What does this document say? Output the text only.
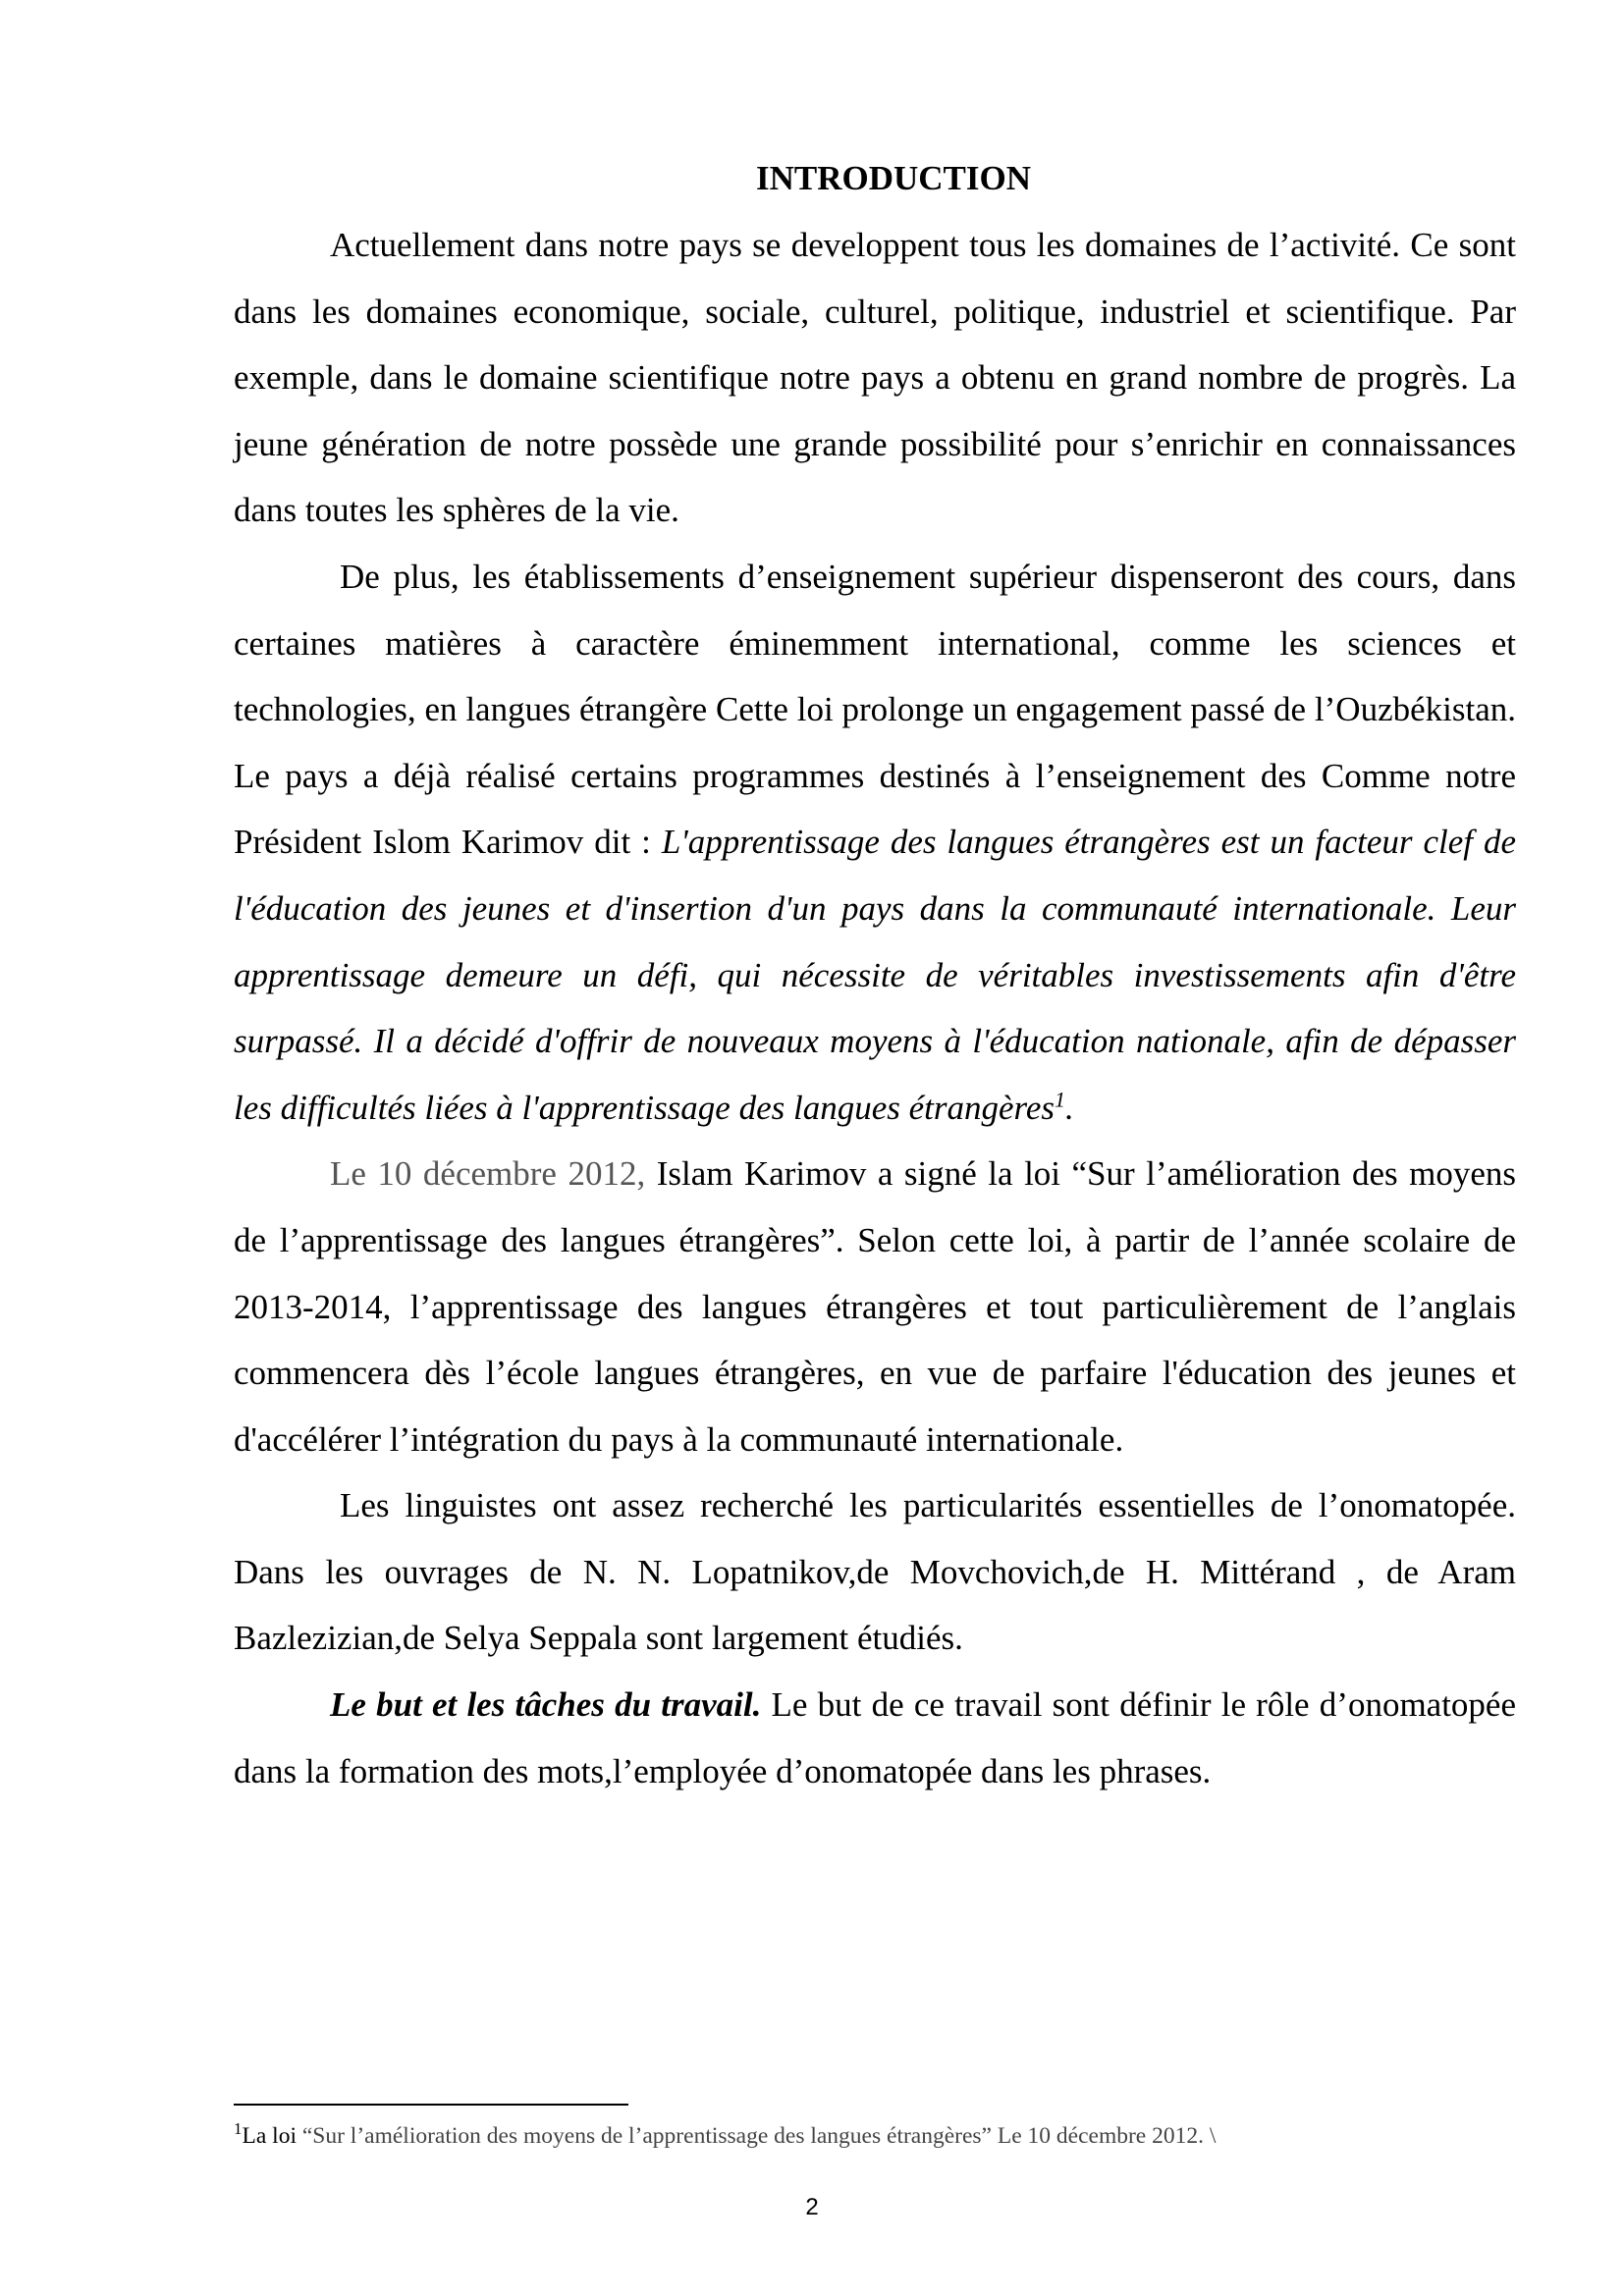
INTRODUCTION

Actuellement dans notre pays se developpent tous les domaines de l’activité. Ce sont dans les domaines economique, sociale, culturel, politique, industriel et scientifique. Par exemple, dans le domaine scientifique notre pays a obtenu en grand nombre de progrès. La jeune génération de notre possède une grande possibilité pour s’enrichir en connaissances dans toutes les sphères de la vie.

De plus, les établissements d’enseignement supérieur dispenseront des cours, dans certaines matières à caractère éminemment international, comme les sciences et technologies, en langues étrangère Cette loi prolonge un engagement passé de l’Ouzbékistan. Le pays a déjà réalisé certains programmes destinés à l’enseignement des Comme notre Président Islom Karimov dit : L'apprentissage des langues étrangères est un facteur clef de l'éducation des jeunes et d'insertion d'un pays dans la communauté internationale. Leur apprentissage demeure un défi, qui nécessite de véritables investissements afin d'être surpassé. Il a décidé d'offrir de nouveaux moyens à l'éducation nationale, afin de dépasser les difficultés liées à l'apprentissage des langues étrangères$^1$.

Le 10 décembre 2012, Islam Karimov a signé la loi “Sur l’amélioration des moyens de l’apprentissage des langues étrangères”. Selon cette loi, à partir de l’année scolaire de 2013-2014, l’apprentissage des langues étrangères et tout particulièrement de l’anglais commencera dès l’école langues étrangères, en vue de parfaire l'éducation des jeunes et d'accélérer l’intégration du pays à la communauté internationale.

Les linguistes ont assez recherché les particularités essentielles de l’onomatopée. Dans les ouvrages de N. N. Lopatnikov,de Movchovich,de H. Mittérand , de Aram Bazlezizian,de Selya Seppala sont largement étudiés.

Le but et les tâches du travail. Le but de ce travail sont définir le rôle d’onomatopée dans la formation des mots,l’employée d’onomatopée dans les phrases.

$^1$La loi “Sur l’amélioration des moyens de l’apprentissage des langues étrangères” Le 10 décembre 2012. \
2
